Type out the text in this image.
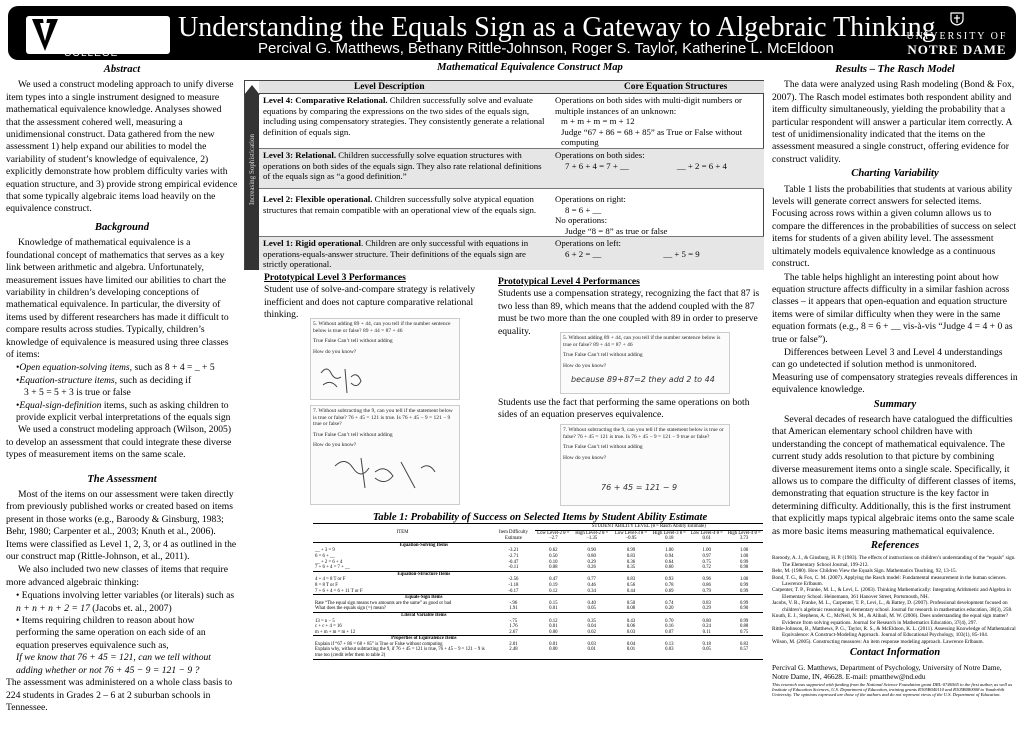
VANDERBILT
PEABODY COLLEGE
Understanding the Equals Sign as a Gateway to Algebraic Thinking
Percival G. Matthews, Bethany Rittle-Johnson, Roger S. Taylor, Katherine L. McEldoon
UNIVERSITY OF
NOTRE DAME
Abstract
We used a construct modeling approach to unify diverse item types into a single instrument designed to measure mathematical equivalence knowledge. Analyses showed that the assessment cohered well, measuring a unidimensional construct. Data gathered from the new assessment 1) help expand our abilities to model the variability of student’s knowledge of equivalence, 2) explicitly demonstrate how problem difficulty varies with equation structure, and 3) provide strong empirical evidence that some typically algebraic items load heavily on the equivalence construct.
Background
Knowledge of mathematical equivalence is a foundational concept of mathematics that serves as a key link between arithmetic and algebra. Unfortunately, measurement issues have limited our abilities to chart the variability in children’s developing conceptions of mathematical equivalence. In particular, the diversity of items used by different researchers has made it difficult to compare results across studies. Typically, children’s knowledge of equivalence is measured using three classes of items:
•Open equation-solving items, such as 8 + 4 = _ + 5
•Equation-structure items, such as deciding if
3 + 5 = 5 + 3 is true or false
•Equal-sign-definition items, such as asking children to provide explicit verbal interpretations of the equals sign
We used a construct modeling approach (Wilson, 2005) to develop an assessment that could integrate these diverse types of measurement items on the same scale.
The Assessment
Most of the items on our assessment were taken directly from previously published works or created based on items present in those works (e.g., Baroody & Ginsburg, 1983; Behr, 1980; Carpenter et al., 2003; Knuth et al., 2006). Items were classified as Level 1, 2, 3, or 4 as outlined in the our construct map (Rittle-Johnson, et al., 2011).
We also included two new classes of items that require more advanced algebraic thinking:
• Equations involving letter variables (or literals) such as
n + n + n + 2 = 17 (Jacobs et. al., 2007)
• Items requiring children to reason about how performing the same operation on each side of an equation preserves equivalence such as,
If we know that 76 + 45 = 121, can we tell without adding whether or not 76 + 45 − 9 = 121 − 9 ?
The assessment was administered on a whole class basis to 224 students in Grades 2 – 6 at 2 suburban schools in Tennessee.
Mathematical Equivalence Construct Map
Increasing Sophistication
Level Description	Core Equation Structures
Level 4: Comparative Relational. Children successfully solve and evaluate equations by comparing the expressions on the two sides of the equals sign, including using compensatory strategies. They consistently generate a relational definition of equals sign.
Operations on both sides with multi-digit numbers or multiple instances of an unknown:
m + m + m = m + 12
Judge “67 + 86 = 68 + 85” as True or False without computing
Level 3: Relational. Children successfully solve equation structures with operations on both sides of the equals sign. They also rate relational definitions of the equals sign as “a good definition.”
Operations on both sides:
7 + 6 + 4 = 7 + __	__ + 2 = 6 + 4
Level 2: Flexible operational. Children successfully solve atypical equation structures that remain compatible with an operational view of the equals sign.
Operations on right:
8 = 6 + __
No operations:
Judge “8 = 8” as true or false
Level 1: Rigid operational. Children are only successful with equations in operations-equals-answer structure. Their definitions of the equals sign are strictly operational.
Operations on left:
6 + 2 = __	__ + 5 = 9
Prototypical Level 3 Performances
Student use of solve-and-compare strategy is relatively inefficient and does not capture comparative relational thinking.
5. Without adding 89 + 44, can you tell if the number sentence below is true or false? 89 + 44 = 87 + 46
True False Can’t tell without adding
How do you know?
7. Without subtracting the 9, can you tell if the statement below is true or false? 76 + 45 = 121 is true. Is 76 + 45 − 9 = 121 − 9 true or false?
True False Can’t tell without adding
How do you know?
Prototypical Level 4 Performances
Students use a compensation strategy, recognizing the fact that 87 is two less than 89, which means that the addend coupled with the 87 must be two more than the one coupled with 89 in order to preserve equality.
5. Without adding 89 + 44, can you tell if the number sentence below is true or false? 89 + 44 = 87 + 46
True False Can’t tell without adding
How do you know?
because 89+87=2 they add 2 to 44
Students use the fact that performing the same operations on both sides of an equation preserves equivalence.
7. Without subtracting the 9, can you tell if the statement below is true or false? 76 + 45 = 121 is true. Is 76 + 45 − 9 = 121 − 9 true or false?
True False Can’t tell without adding
How do you know?
76 + 45 = 121 − 9
Table 1: Probability of Success on Selected Items by Student Ability Estimate
		STUDENT ABILITY LEVEL (θ = Rasch Ability Estimate)					
ITEM	Item Difficulty Estimate	Low Level-2 θ = −2.7	High Level-2 θ = −1.35	Low Level-3 θ = −0.95	High Level-3 θ = 0.18	Low Level-4 θ = 0.61	High Level-4 θ = 3.73
Equation-Solving Items							
__ + 3 = 9	-3.21	0.62	0.90	0.99	1.00	1.00	1.00
6 = 6 + __	-2.71	0.50	0.80	0.83	0.94	0.97	1.00
__ + 2 = 6 + 4	-0.47	0.10	0.29	0.36	0.64	0.75	0.99
7 + 6 + 4 = 7 + __	-0.11	0.08	0.26	0.35	0.60	0.72	0.98
Equation-Structure Items							
4 + 4 = 8 T or F	-2.56	0.47	0.77	0.83	0.93	0.96	1.00
8 = 8 T or F	-1.18	0.19	0.46	0.56	0.78	0.86	0.99
7 + 6 + 4 = 6 + 11 T or F	-0.17	0.12	0.34	0.44	0.69	0.79	0.99
Equals-Sign Items							
Rate “The equal sign means two amounts are the same” as good or bad	-.96	0.15	0.40	0.50	0.74	0.83	0.99
What does the equals sign (=) mean?	1.91	0.01	0.05	0.08	0.20	0.29	0.90
Literal Variable Items							
13 = n − 5	-.75	0.12	0.35	0.43	0.70	0.80	0.99
c + c + 4 = 16	1.76	0.01	0.04	0.06	0.16	0.24	0.88
m + m + m = m + 12	2.67	0.00	0.02	0.03	0.07	0.11	0.75
Properties of Equivalence Items							
Explain if “67 + 86 = 68 + 85” is True or False without computing	2.01	0.01	0.03	0.04	0.13	0.18	0.83
Explain why, without subtracting the 9, if 76 + 45 = 121 is true, 76 + 45 − 9 = 121 − 9 is true too (credit refer them to table 2)	2.48	0.00	0.01	0.01	0.03	0.05	0.57
Results – The Rasch Model
The data were analyzed using Rash modeling (Bond & Fox, 2007). The Rasch model estimates both respondent ability and item difficulty simultaneously, yielding the probability that a particular respondent will answer a particular item correctly. A test of unidimensionality indicated that the items on the assessment measured a single construct, offering evidence for construct validity.
Charting Variability
Table 1 lists the probabilities that students at various ability levels will generate correct answers for selected items. Focusing across rows within a given column allows us to compare the differences in the probabilities of success on select items for students of a given ability level. The assessment ultimately models equivalence knowledge as a continuous construct.
The table helps highlight an interesting point about how equation structure affects difficulty in a similar fashion across classes – it appears that open-equation and equation structure items were of similar difficulty when they were in the same equation formats (e.g., 8 = 6 + __ vis-à-vis “Judge 4 = 4 + 0 as true or false”).
Differences between Level 3 and Level 4 understandings can go undetected if solution method is unmonitored. Measuring use of compensatory strategies reveals differences in equivalence knowledge.
Summary
Several decades of research have catalogued the difficulties that American elementary school children have with understanding the concept of mathematical equivalence. The current study adds resolution to that picture by combining diverse measurement items onto a single scale. Specifically, it allows us to compare the difficulty of different classes of items, demonstrating that equation structure is the key factor in determining difficulty. Additionally, this is the first instrument that explicitly maps typical algebraic items onto the same scale as more basic items measuring mathematical equivalence.
References
Baroody, A. J., & Ginsburg, H. P. (1983). The effects of instructions on children’s understanding of the “equals” sign. The Elementary School Journal, 199-212.
Behr, M. (1980). How Children View the Equals Sign. Mathematics Teaching, 92, 13-15.
Bond, T. G., & Fox, C. M. (2007). Applying the Rasch model: Fundamental measurement in the human sciences. Lawrence Erlbaum.
Carpenter, T. P., Franke, M. L., & Levi, L. (2003). Thinking Mathematically: Integrating Arithmetic and Algebra in Elementary School. Heinemann, 361 Hanover Street, Portsmouth, NH.
Jacobs, V. R., Franke, M. L., Carpenter, T. P., Levi, L., & Battey, D. (2007). Professional development focused on children’s algebraic reasoning in elementary school. Journal for research in mathematics education, 38(3), 258.
Knuth, E. J., Stephens, A. C., McNeil, N. M., & Alibali, M. W. (2006). Does understanding the equal sign matter? Evidence from solving equations. Journal for Research in Mathematics Education, 37(4), 297.
Rittle-Johnson, B., Matthews, P. G., Taylor, R. S., & McEldoon, K. L. (2011). Assessing Knowledge of Mathematical Equivalence: A Construct-Modeling Approach. Journal of Educational Psychology, 103(1), 85-104.
Wilson, M. (2005). Constructing measures: An item response modeling approach. Lawrence Erlbaum.
Contact Information
Percival G. Matthews, Department of Psychology, University of Notre Dame, Notre Dame, IN, 46628. E-mail: pmatthew@nd.edu
This research was supported with funding from the National Science Foundation grant DRL-0746565 to the first author, as well as Institute of Education Sciences, U.S. Department of Education, training grants R305B040110 and R305B080008 to Vanderbilt University. The opinions expressed are those of the authors and do not represent views of the U.S. Department of Education.
